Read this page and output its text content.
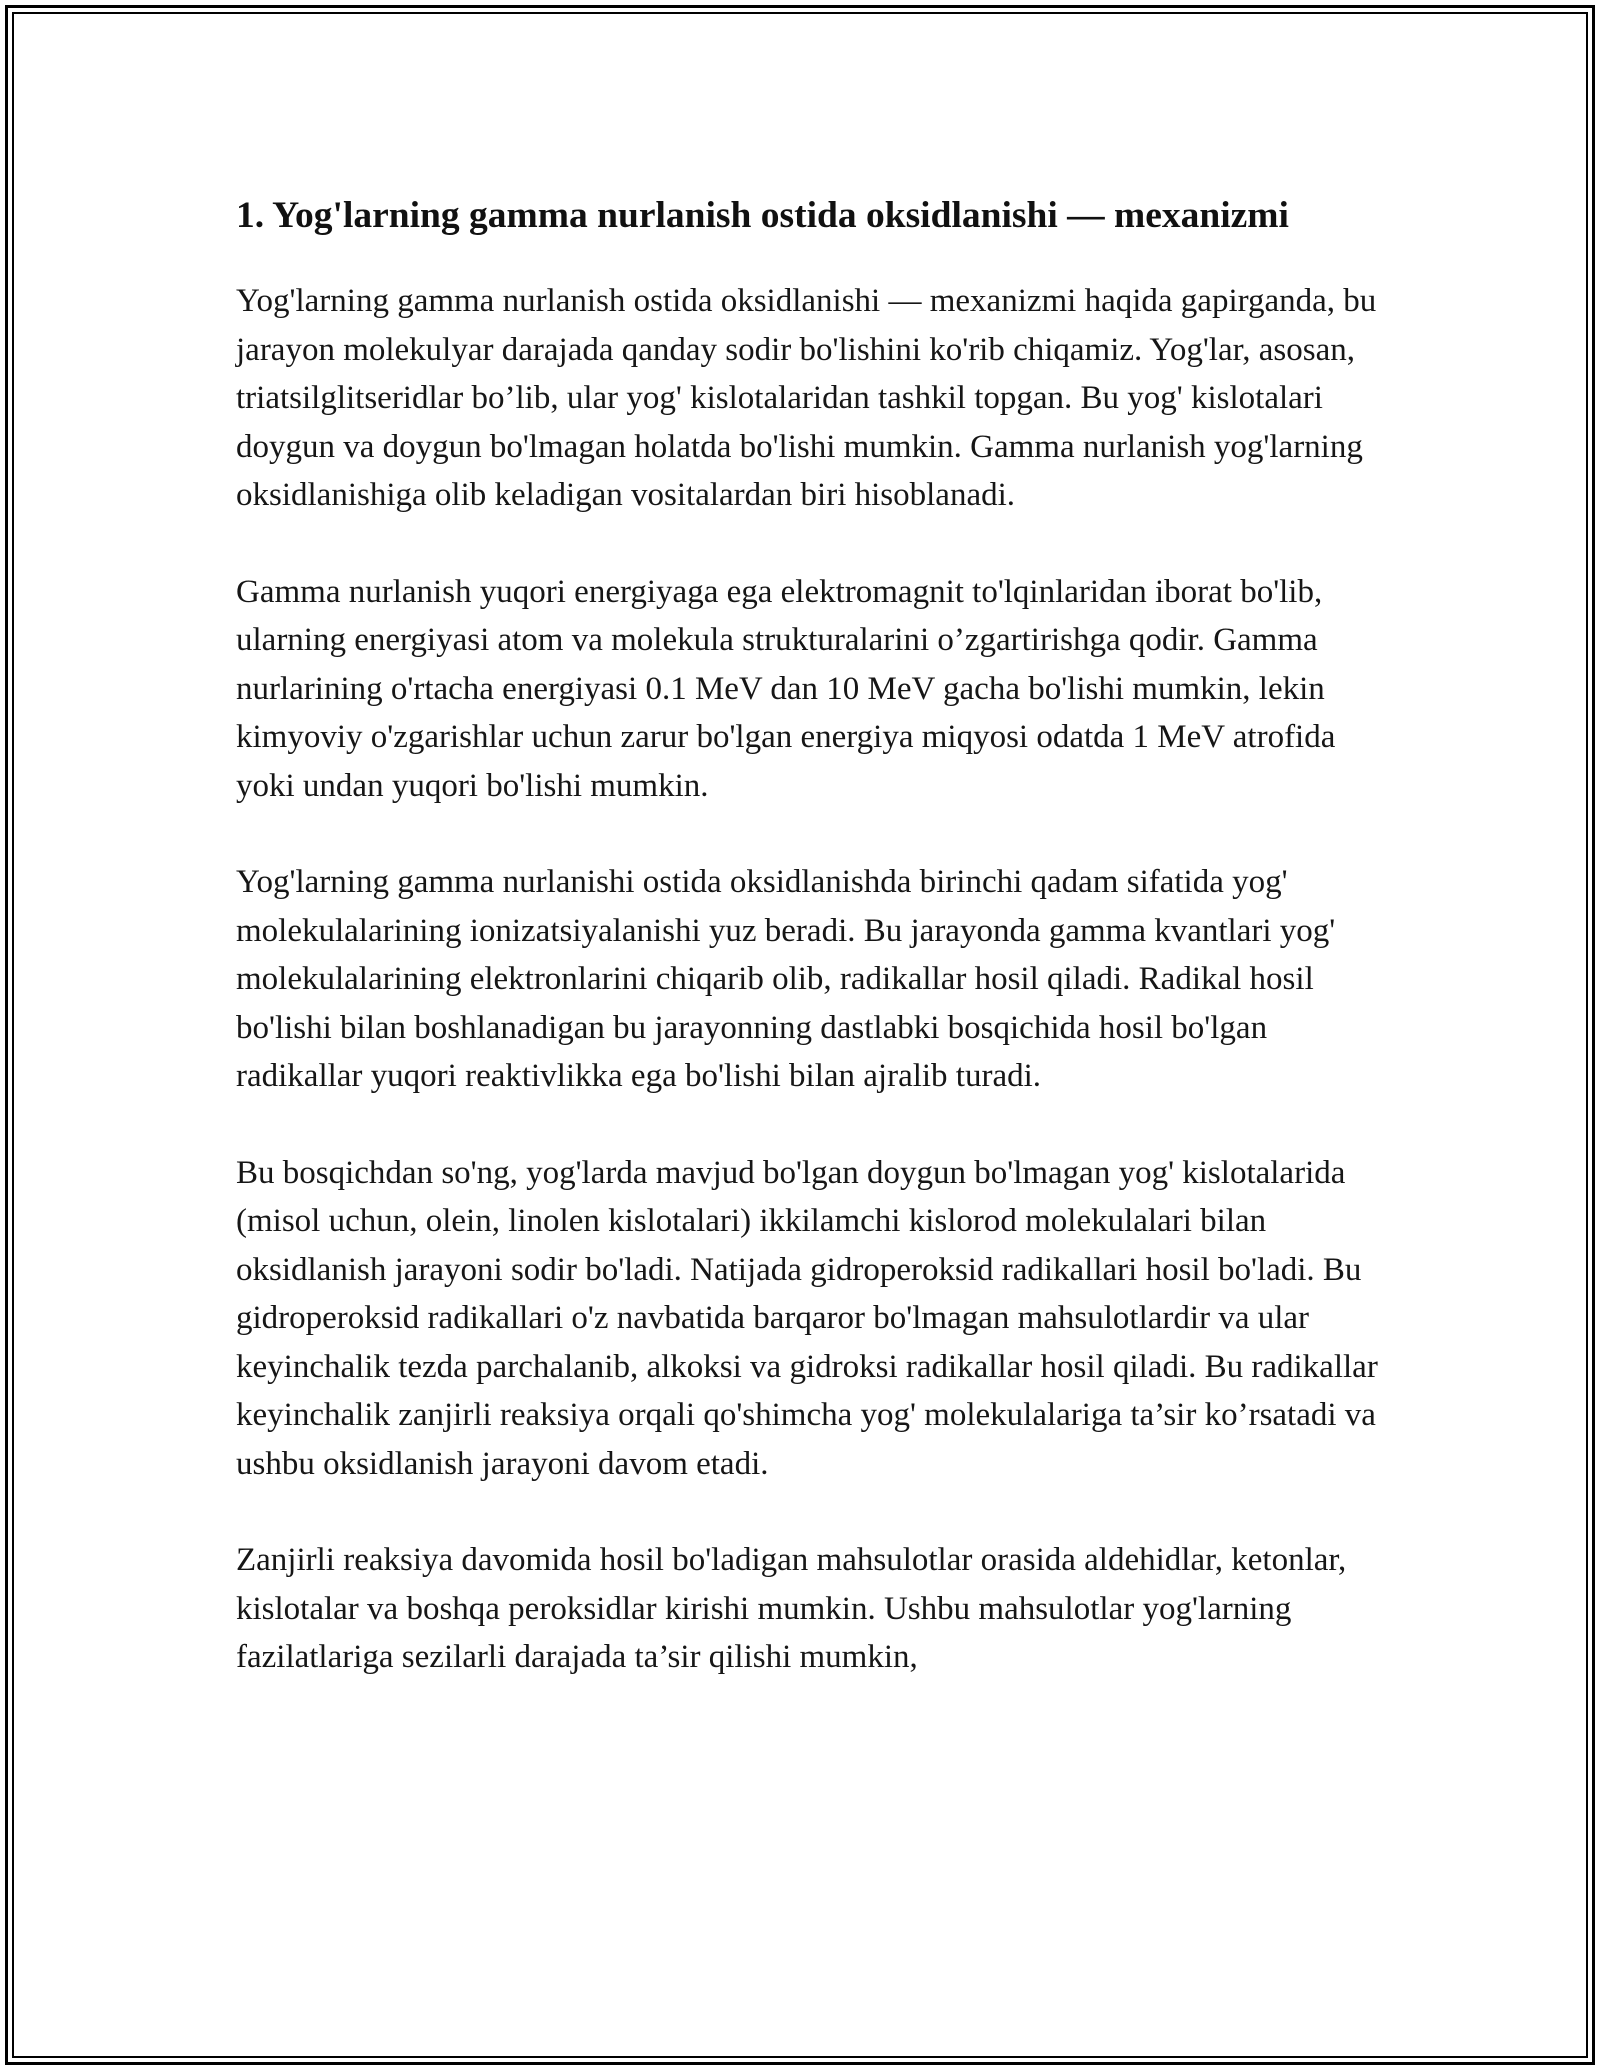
1. Yog'larning gamma nurlanish ostida oksidlanishi — mexanizmi

Yog'larning gamma nurlanish ostida oksidlanishi — mexanizmi haqida gapirganda, bu jarayon molekulyar darajada qanday sodir bo'lishini ko'rib chiqamiz. Yog'lar, asosan, triatsilglitseridlar bo’lib, ular yog' kislotalaridan tashkil topgan. Bu yog' kislotalari doygun va doygun bo'lmagan holatda bo'lishi mumkin. Gamma nurlanish yog'larning oksidlanishiga olib keladigan vositalardan biri hisoblanadi.

Gamma nurlanish yuqori energiyaga ega elektromagnit to'lqinlaridan iborat bo'lib, ularning energiyasi atom va molekula strukturalarini o’zgartirishga qodir. Gamma nurlarining o'rtacha energiyasi 0.1 MeV dan 10 MeV gacha bo'lishi mumkin, lekin kimyoviy o'zgarishlar uchun zarur bo'lgan energiya miqyosi odatda 1 MeV atrofida yoki undan yuqori bo'lishi mumkin.

Yog'larning gamma nurlanishi ostida oksidlanishda birinchi qadam sifatida yog' molekulalarining ionizatsiyalanishi yuz beradi. Bu jarayonda gamma kvantlari yog' molekulalarining elektronlarini chiqarib olib, radikallar hosil qiladi. Radikal hosil bo'lishi bilan boshlanadigan bu jarayonning dastlabki bosqichida hosil bo'lgan radikallar yuqori reaktivlikka ega bo'lishi bilan ajralib turadi.

Bu bosqichdan so'ng, yog'larda mavjud bo'lgan doygun bo'lmagan yog' kislotalarida (misol uchun, olein, linolen kislotalari) ikkilamchi kislorod molekulalari bilan oksidlanish jarayoni sodir bo'ladi. Natijada gidroperoksid radikallari hosil bo'ladi. Bu gidroperoksid radikallari o'z navbatida barqaror bo'lmagan mahsulotlardir va ular keyinchalik tezda parchalanib, alkoksi va gidroksi radikallar hosil qiladi. Bu radikallar keyinchalik zanjirli reaksiya orqali qo'shimcha yog' molekulalariga ta’sir ko’rsatadi va ushbu oksidlanish jarayoni davom etadi.

Zanjirli reaksiya davomida hosil bo'ladigan mahsulotlar orasida aldehidlar, ketonlar, kislotalar va boshqa peroksidlar kirishi mumkin. Ushbu mahsulotlar yog'larning fazilatlariga sezilarli darajada ta’sir qilishi mumkin,
